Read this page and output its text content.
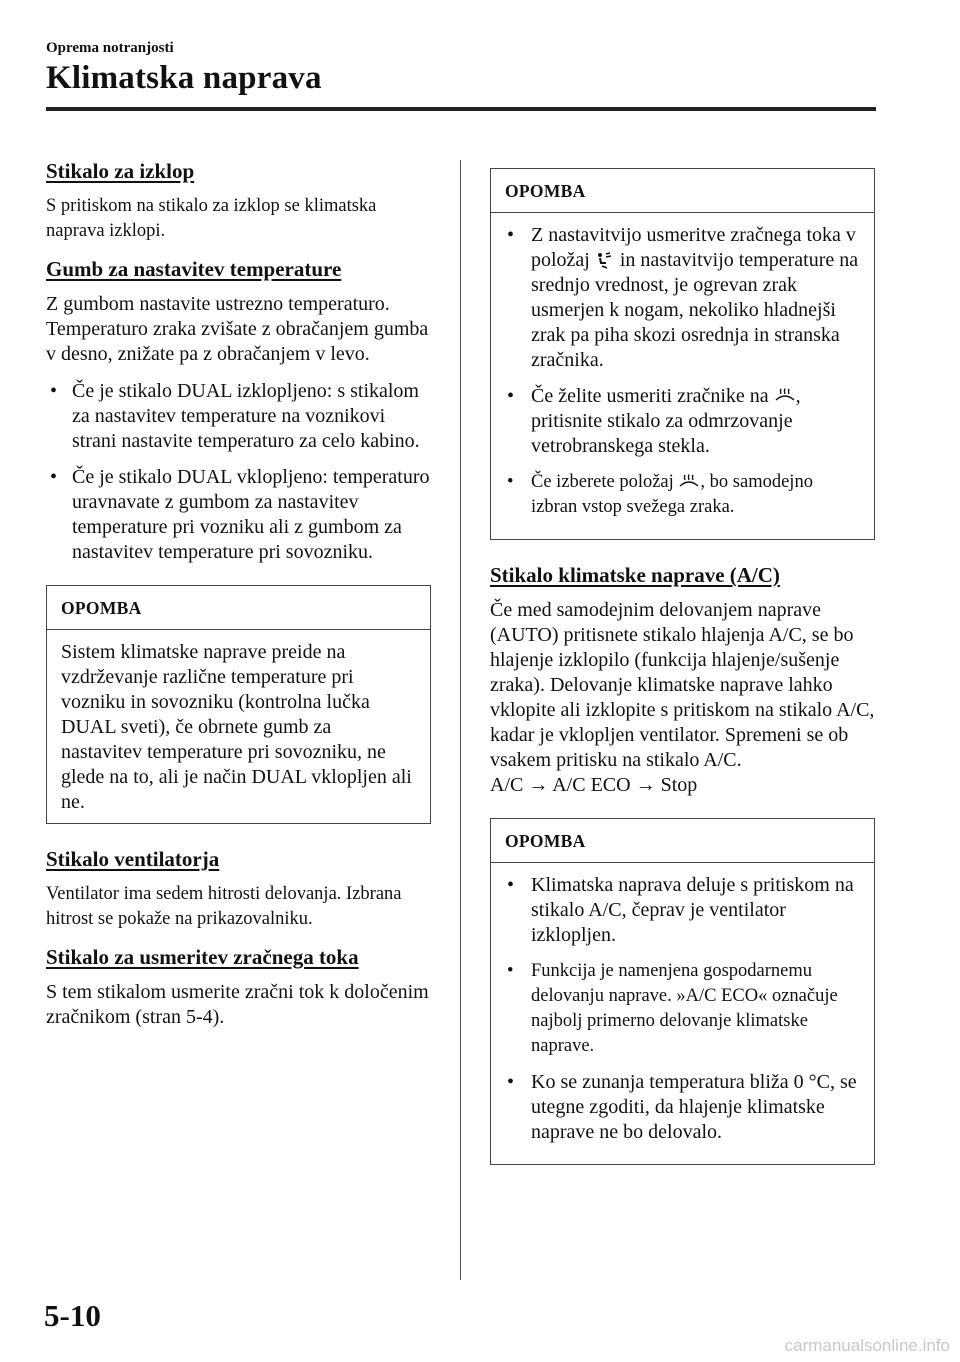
Oprema notranjosti
Klimatska naprava
Stikalo za izklop

S pritiskom na stikalo za izklop se klimatska naprava izklopi.

Gumb za nastavitev temperature

Z gumbom nastavite ustrezno temperaturo. Temperaturo zraka zvišate z obračanjem gumba v desno, znižate pa z obračanjem v levo.

• Če je stikalo DUAL izklopljeno: s stikalom za nastavitev temperature na voznikovi strani nastavite temperaturo za celo kabino.
• Če je stikalo DUAL vklopljeno: temperaturo uravnavate z gumbom za nastavitev temperature pri vozniku ali z gumbom za nastavitev temperature pri sovozniku.
OPOMBA
Sistem klimatske naprave preide na vzdrževanje različne temperature pri vozniku in sovozniku (kontrolna lučka DUAL sveti), če obrnete gumb za nastavitev temperature pri sovozniku, ne glede na to, ali je način DUAL vklopljen ali ne.
Stikalo ventilatorja

Ventilator ima sedem hitrosti delovanja. Izbrana hitrost se pokaže na prikazovalniku.

Stikalo za usmeritev zračnega toka

S tem stikalom usmerite zračni tok k določenim zračnikom (stran 5-4).

OPOMBA
• Z nastavitvijo usmeritve zračnega toka v položaj in nastavitvijo temperature na srednjo vrednost, je ogrevan zrak usmerjen k nogam, nekoliko hladnejši zrak pa piha skozi osrednja in stranska zračnika.
• Če želite usmeriti zračnike na , pritisnite stikalo za odmrzovanje vetrobranskega stekla.
• Če izberete položaj , bo samodejno izbran vstop svežega zraka.
Stikalo klimatske naprave (A/C)

Če med samodejnim delovanjem naprave (AUTO) pritisnete stikalo hlajenja A/C, se bo hlajenje izklopilo (funkcija hlajenje/sušenje zraka). Delovanje klimatske naprave lahko vklopite ali izklopite s pritiskom na stikalo A/C, kadar je vklopljen ventilator. Spremeni se ob vsakem pritisku na stikalo A/C.

A/C → A/C ECO → Stop

OPOMBA
• Klimatska naprava deluje s pritiskom na stikalo A/C, čeprav je ventilator izklopljen.
• Funkcija je namenjena gospodarnemu delovanju naprave. »A/C ECO« označuje najbolj primerno delovanje klimatske naprave.
• Ko se zunanja temperatura bliža 0 °C, se utegne zgoditi, da hlajenje klimatske naprave ne bo delovalo.
5-10
carmanualsonline.info
